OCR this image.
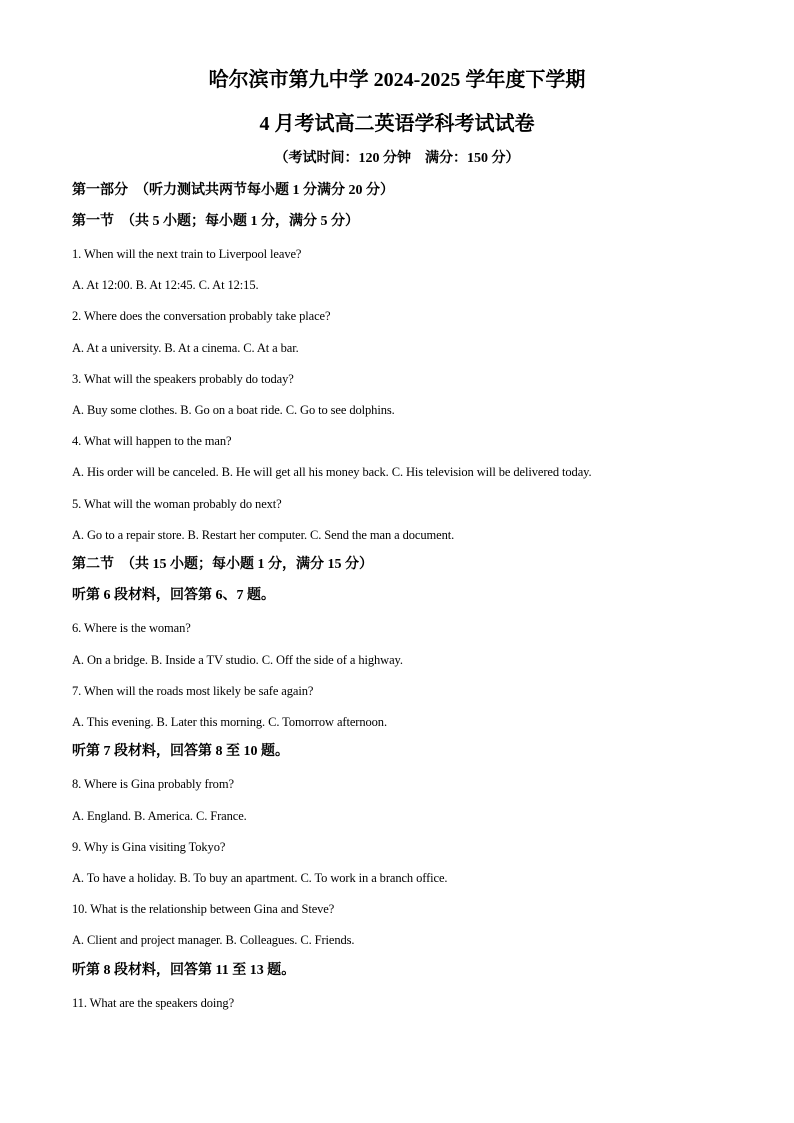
哈尔滨市第九中学 2024-2025 学年度下学期
4 月考试高二英语学科考试试卷
（考试时间：120 分钟　满分：150 分）
第一部分　（听力测试共两节每小题 1 分满分 20 分）
第一节　（共 5 小题；每小题 1 分，满分 5 分）
1. When will the next train to Liverpool leave?
A. At 12:00. B. At 12:45. C. At 12:15.
2. Where does the conversation probably take place?
A. At a university. B. At a cinema. C. At a bar.
3. What will the speakers probably do today?
A. Buy some clothes. B. Go on a boat ride. C. Go to see dolphins.
4. What will happen to the man?
A. His order will be canceled. B. He will get all his money back. C. His television will be delivered today.
5. What will the woman probably do next?
A. Go to a repair store. B. Restart her computer. C. Send the man a document.
第二节　（共 15 小题；每小题 1 分，满分 15 分）
听第 6 段材料，回答第 6、7 题。
6. Where is the woman?
A. On a bridge. B. Inside a TV studio. C. Off the side of a highway.
7. When will the roads most likely be safe again?
A. This evening. B. Later this morning. C. Tomorrow afternoon.
听第 7 段材料，回答第 8 至 10 题。
8. Where is Gina probably from?
A. England. B. America. C. France.
9. Why is Gina visiting Tokyo?
A. To have a holiday. B. To buy an apartment. C. To work in a branch office.
10. What is the relationship between Gina and Steve?
A. Client and project manager. B. Colleagues. C. Friends.
听第 8 段材料，回答第 11 至 13 题。
11. What are the speakers doing?
